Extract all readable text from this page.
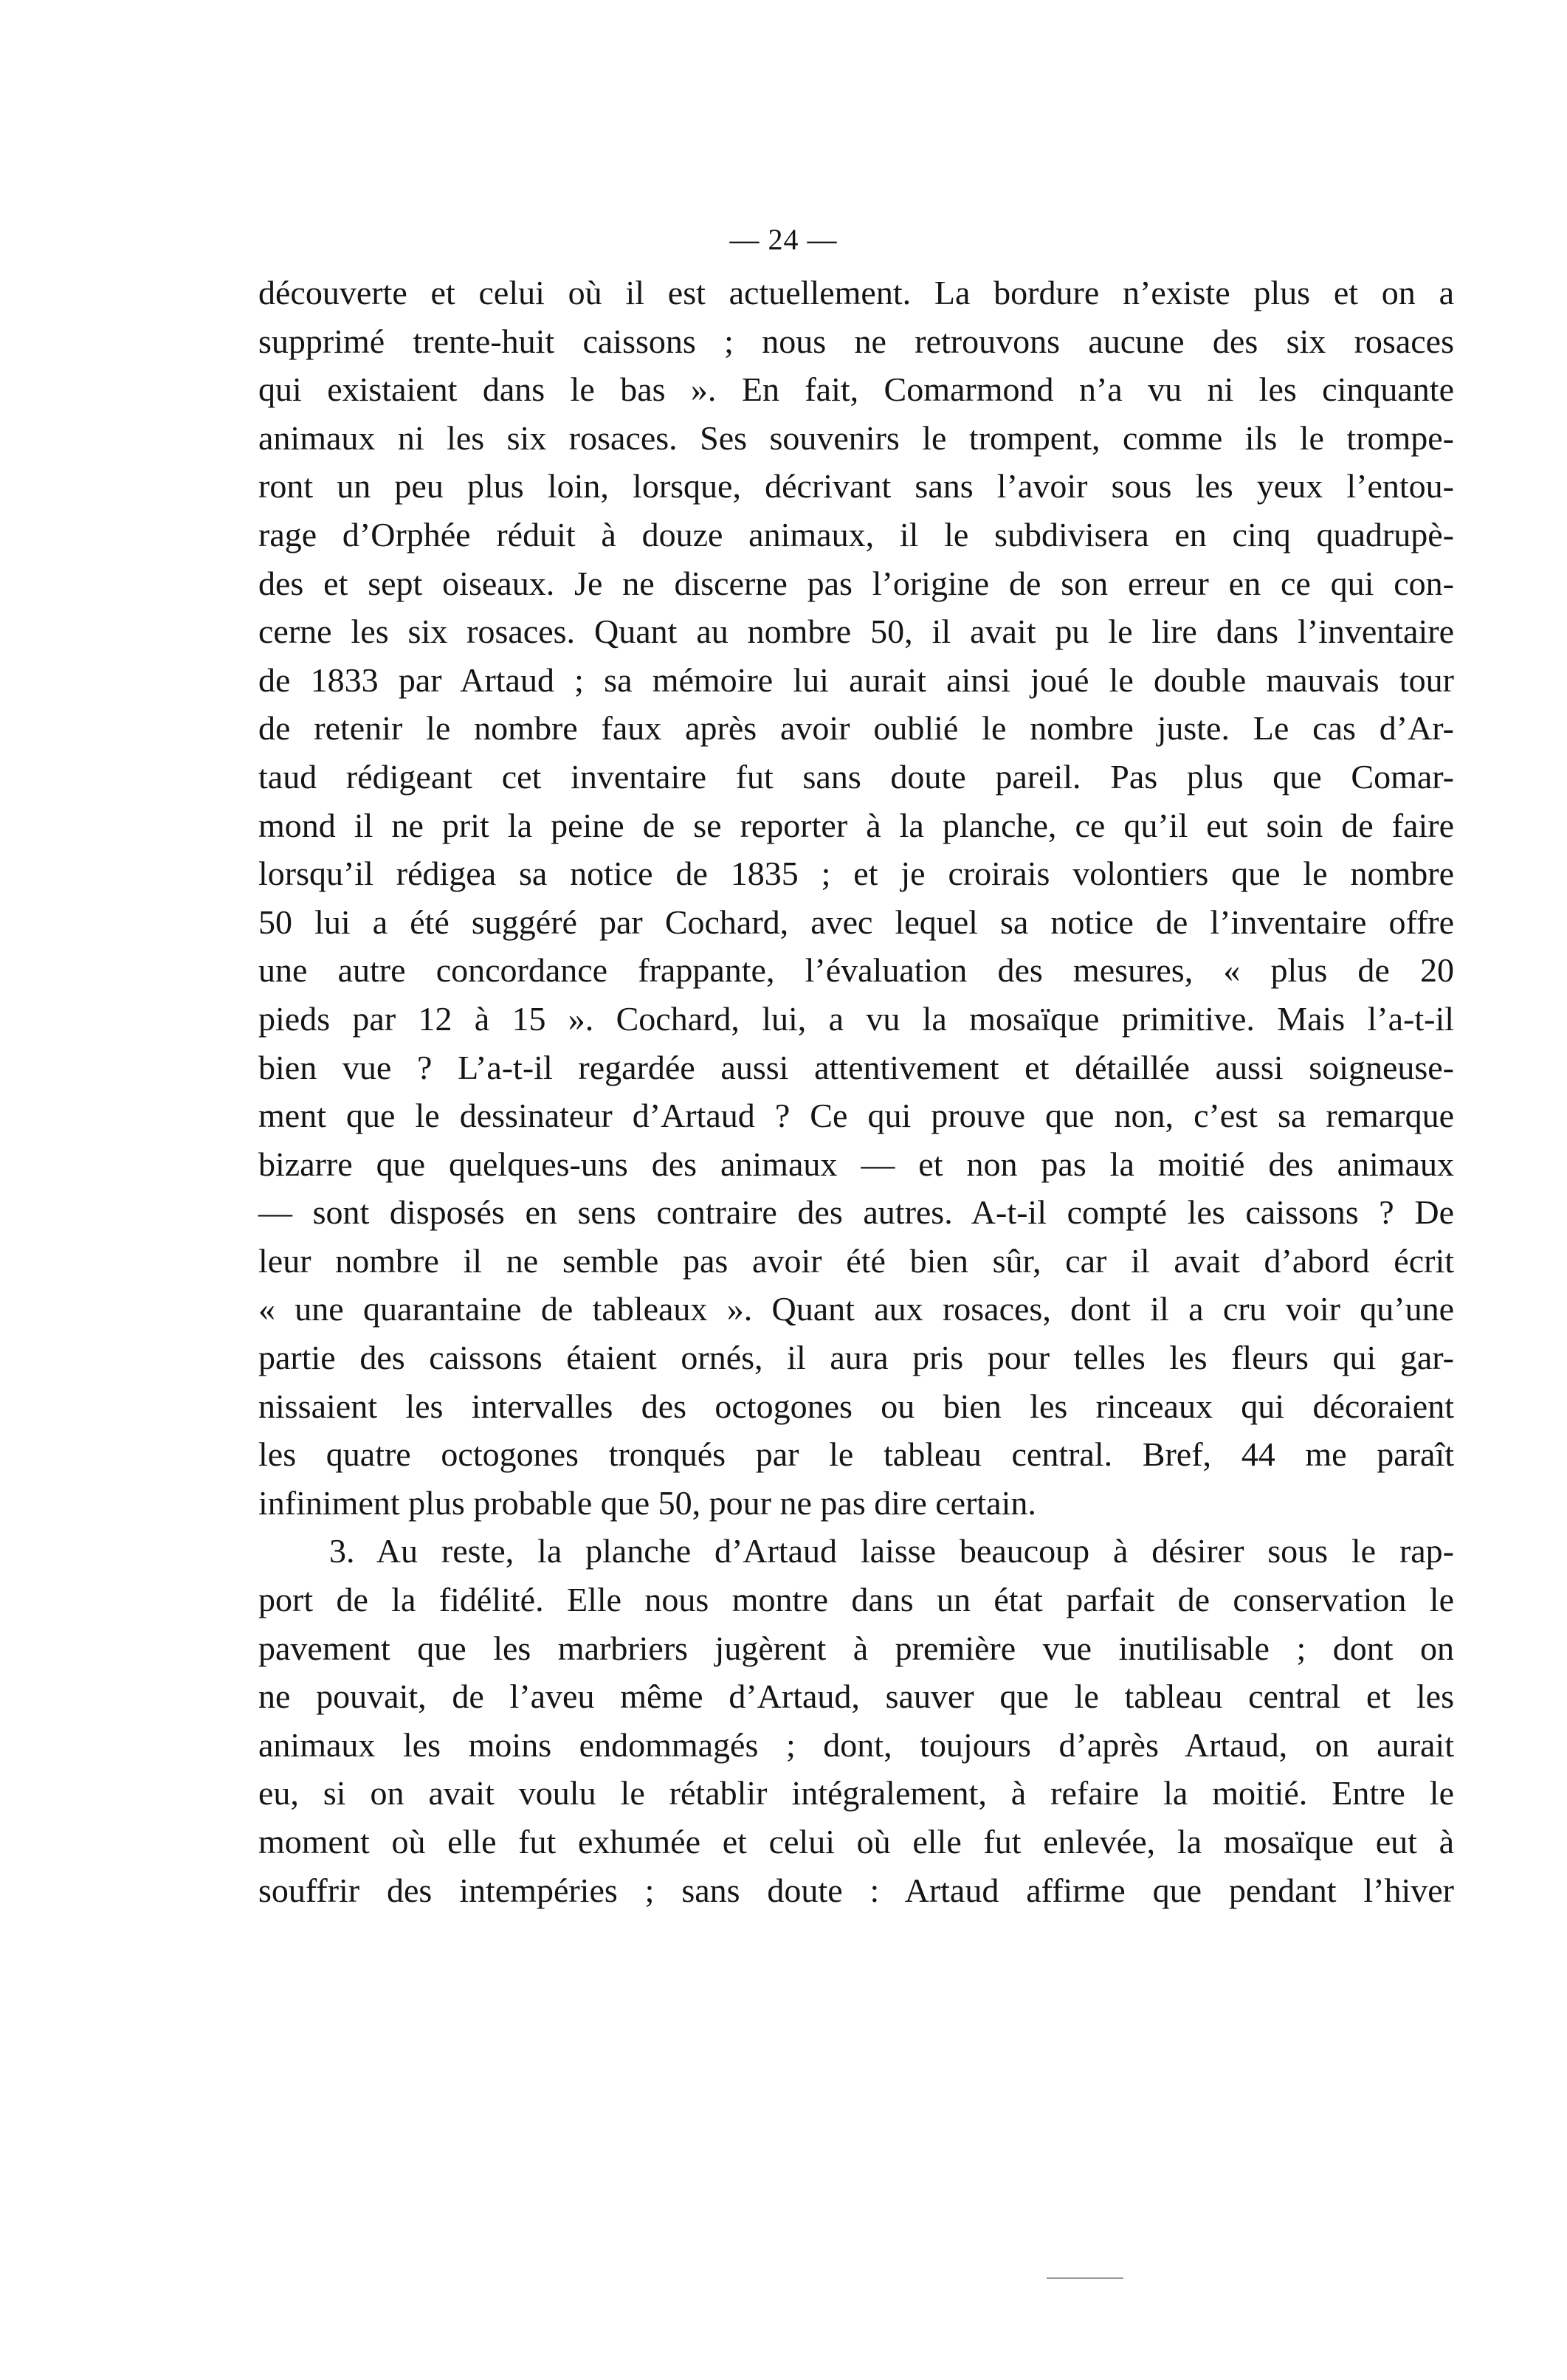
— 24 —
découverte et celui où il est actuellement. La bordure n’existe plus et on a
supprimé trente-huit caissons ; nous ne retrouvons aucune des six rosaces
qui existaient dans le bas ». En fait, Comarmond n’a vu ni les cinquante
animaux ni les six rosaces. Ses souvenirs le trompent, comme ils le trompe-
ront un peu plus loin, lorsque, décrivant sans l’avoir sous les yeux l’entou-
rage d’Orphée réduit à douze animaux, il le subdivisera en cinq quadrupè-
des et sept oiseaux. Je ne discerne pas l’origine de son erreur en ce qui con-
cerne les six rosaces. Quant au nombre 50, il avait pu le lire dans l’inventaire
de 1833 par Artaud ; sa mémoire lui aurait ainsi joué le double mauvais tour
de retenir le nombre faux après avoir oublié le nombre juste. Le cas d’Ar-
taud rédigeant cet inventaire fut sans doute pareil. Pas plus que Comar-
mond il ne prit la peine de se reporter à la planche, ce qu’il eut soin de faire
lorsqu’il rédigea sa notice de 1835 ; et je croirais volontiers que le nombre
50 lui a été suggéré par Cochard, avec lequel sa notice de l’inventaire offre
une autre concordance frappante, l’évaluation des mesures, « plus de 20
pieds par 12 à 15 ». Cochard, lui, a vu la mosaïque primitive. Mais l’a-t-il
bien vue ? L’a-t-il regardée aussi attentivement et détaillée aussi soigneuse-
ment que le dessinateur d’Artaud ? Ce qui prouve que non, c’est sa remarque
bizarre que quelques-uns des animaux — et non pas la moitié des animaux
— sont disposés en sens contraire des autres. A-t-il compté les caissons ? De
leur nombre il ne semble pas avoir été bien sûr, car il avait d’abord écrit
« une quarantaine de tableaux ». Quant aux rosaces, dont il a cru voir qu’une
partie des caissons étaient ornés, il aura pris pour telles les fleurs qui gar-
nissaient les intervalles des octogones ou bien les rinceaux qui décoraient
les quatre octogones tronqués par le tableau central. Bref, 44 me paraît
infiniment plus probable que 50, pour ne pas dire certain.
3. Au reste, la planche d’Artaud laisse beaucoup à désirer sous le rap-
port de la fidélité. Elle nous montre dans un état parfait de conservation le
pavement que les marbriers jugèrent à première vue inutilisable ; dont on
ne pouvait, de l’aveu même d’Artaud, sauver que le tableau central et les
animaux les moins endommagés ; dont, toujours d’après Artaud, on aurait
eu, si on avait voulu le rétablir intégralement, à refaire la moitié. Entre le
moment où elle fut exhumée et celui où elle fut enlevée, la mosaïque eut à
souffrir des intempéries ; sans doute : Artaud affirme que pendant l’hiver
